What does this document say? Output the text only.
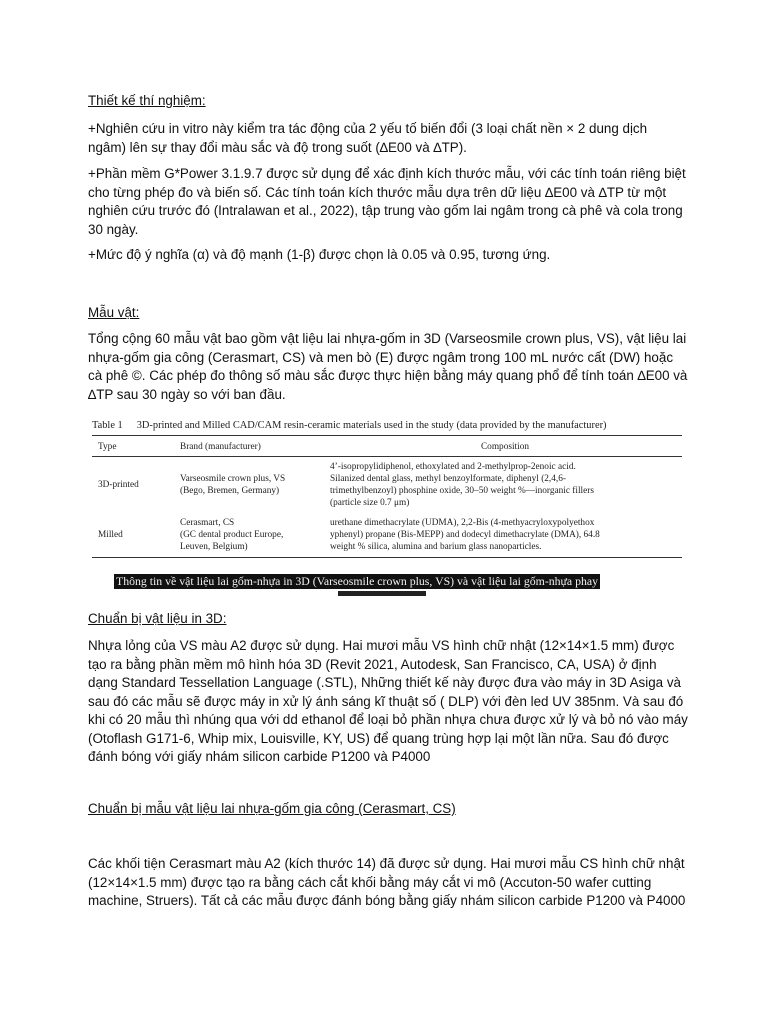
Thiết kế thí nghiệm:

+Nghiên cứu in vitro này kiểm tra tác động của 2 yếu tố biến đổi (3 loại chất nền × 2 dung dịch ngâm) lên sự thay đổi màu sắc và độ trong suốt (∆E00 và ∆TP).

+Phần mềm G*Power 3.1.9.7 được sử dụng để xác định kích thước mẫu, với các tính toán riêng biệt cho từng phép đo và biến số. Các tính toán kích thước mẫu dựa trên dữ liệu ∆E00 và ∆TP từ một nghiên cứu trước đó (Intralawan et al., 2022), tập trung vào gốm lai ngâm trong cà phê và cola trong 30 ngày.

+Mức độ ý nghĩa (α) và độ mạnh (1-β) được chọn là 0.05 và 0.95, tương ứng.

Mẫu vật:

Tổng cộng 60 mẫu vật bao gồm vật liệu lai nhựa-gốm in 3D (Varseosmile crown plus, VS), vật liệu lai nhựa-gốm gia công (Cerasmart, CS) và men bò (E) được ngâm trong 100 mL nước cất (DW) hoặc cà phê ©. Các phép đo thông số màu sắc được thực hiện bằng máy quang phổ để tính toán ∆E00 và ∆TP sau 30 ngày so với ban đầu.

Table 1 3D-printed and Milled CAD/CAM resin-ceramic materials used in the study (data provided by the manufacturer)
Type	Brand (manufacturer)	Composition
3D-printed
Varseosmile crown plus, VS
(Bego, Bremen, Germany)
4’-isopropylidiphenol, ethoxylated and 2-methylprop-2enoic acid.
Silanized dental glass, methyl benzoylformate, diphenyl (2,4,6-
trimethylbenzoyl) phosphine oxide, 30–50 weight %—inorganic fillers
(particle size 0.7 μm)
Milled
Cerasmart, CS
(GC dental product Europe,
Leuven, Belgium)
urethane dimethacrylate (UDMA), 2,2-Bis (4-methyacryloxypolyethox
yphenyl) propane (Bis-MEPP) and dodecyl dimethacrylate (DMA), 64.8
weight % silica, alumina and barium glass nanoparticles.
Thông tin về vật liệu lai gốm-nhựa in 3D (Varseosmile crown plus, VS) và vật liệu lai gốm-nhựa phay
Chuẩn bị vật liệu in 3D:

Nhựa lỏng của VS màu A2 được sử dụng. Hai mươi mẫu VS hình chữ nhật (12×14×1.5 mm) được tạo ra bằng phần mềm mô hình hóa 3D (Revit 2021, Autodesk, San Francisco, CA, USA) ở định dạng Standard Tessellation Language (.STL), Những thiết kế này được đưa vào máy in 3D Asiga và sau đó các mẫu sẽ được máy in xử lý ánh sáng kĩ thuật số ( DLP) với đèn led UV 385nm. Và sau đó khi có 20 mẫu thì nhúng qua với dd ethanol để loại bỏ phần nhựa chưa được xử lý và bỏ nó vào máy (Otoflash G171-6, Whip mix, Louisville, KY, US) để quang trùng hợp lại một lần nữa. Sau đó được đánh bóng với giấy nhám silicon carbide P1200 và P4000

Chuẩn bị mẫu vật liệu lai nhựa-gốm gia công (Cerasmart, CS)

Các khối tiện Cerasmart màu A2 (kích thước 14) đã được sử dụng. Hai mươi mẫu CS hình chữ nhật (12×14×1.5 mm) được tạo ra bằng cách cắt khối bằng máy cắt vi mô (Accuton-50 wafer cutting machine, Struers). Tất cả các mẫu được đánh bóng bằng giấy nhám silicon carbide P1200 và P4000
